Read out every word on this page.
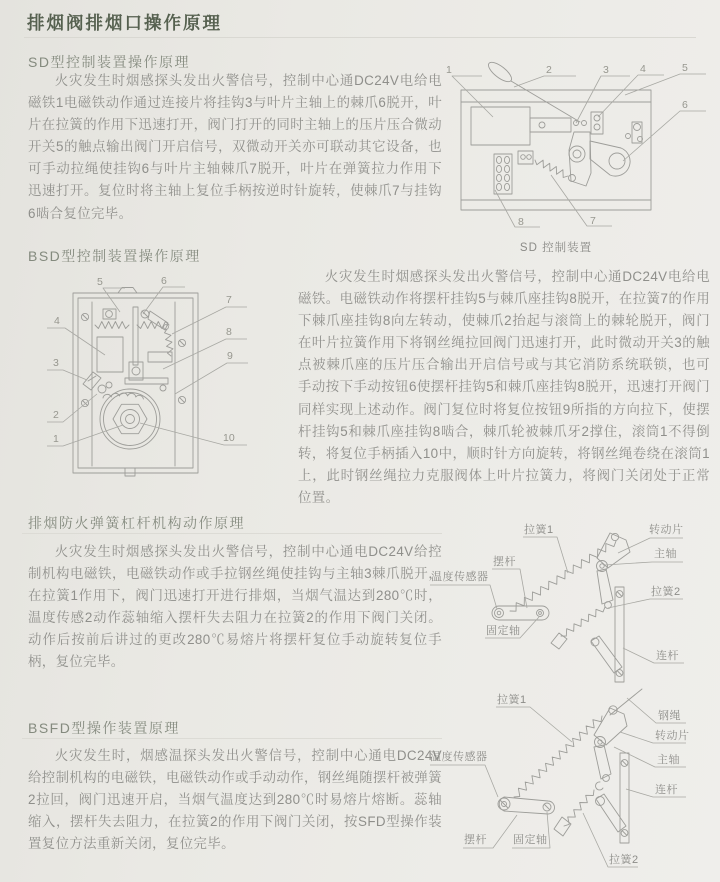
排烟阀排烟口操作原理
SD型控制装置操作原理
火灾发生时烟感探头发出火警信号，控制中心通DC24V电给电磁铁1电磁铁动作通过连接片将挂钩3与叶片主轴上的棘爪6脱开，叶片在拉簧的作用下迅速打开，阀门打开的同时主轴上的压片压合微动开关5的触点输出阀门开启信号，双微动开关亦可联动其它设备，也可手动拉绳使挂钩6与叶片主轴棘爪7脱开，叶片在弹簧拉力作用下迅速打开。复位时将主轴上复位手柄按逆时针旋转，使棘爪7与挂钩6啮合复位完毕。
1	2	3	4	5
6
7
8
SD 控制装置
BSD型控制装置操作原理
火灾发生时烟感探头发出火警信号，控制中心通DC24V电给电磁铁。电磁铁动作将摆杆挂钩5与棘爪座挂钩8脱开，在拉簧7的作用下棘爪座挂钩8向左转动，使棘爪2抬起与滚筒上的棘轮脱开，阀门在叶片拉簧作用下将钢丝绳拉回阀门迅速打开，此时微动开关3的触点被棘爪座的压片压合输出开启信号或与其它消防系统联锁，也可手动按下手动按钮6使摆杆挂钩5和棘爪座挂钩8脱开，迅速打开阀门同样实现上述动作。阀门复位时将复位按钮9所指的方向拉下，使摆杆挂钩5和棘爪座挂钩8啮合，棘爪轮被棘爪牙2撑住，滚筒1不得倒转，将复位手柄插入10中，顺时针方向旋转，将钢丝绳卷绕在滚筒1上，此时钢丝绳拉力克服阀体上叶片拉簧力，将阀门关闭处于正常位置。
5	6
7
8
9
10
4
3
2
1
排烟防火弹簧杠杆机构动作原理
火灾发生时烟感探头发出火警信号，控制中心通电DC24V给控制机构电磁铁，电磁铁动作或手拉钢丝绳使挂钩与主轴3棘爪脱开，在拉簧1作用下，阀门迅速打开进行排烟，当烟气温达到280℃时，温度传感2动作蕊轴缩入摆杆失去阻力在拉簧2的作用下阀门关闭。动作后按前后讲过的更改280℃易熔片将摆杆复位手动旋转复位手柄，复位完毕。
拉簧1	转动片
主轴
拉簧2
连杆
摆杆
温度传感器
固定轴
BSFD型操作装置原理
火灾发生时，烟感温探头发出火警信号，控制中心通电DC24V给控制机构的电磁铁，电磁铁动作或手动动作，钢丝绳随摆杆被弹簧2拉回，阀门迅速开启，当烟气温度达到280℃时易熔片熔断。蕊轴缩入，摆杆失去阻力，在拉簧2的作用下阀门关闭，按SFD型操作装置复位方法重新关闭，复位完毕。
拉簧1
钢绳
转动片
主轴
连杆
温度传感器
摆杆 固定轴
拉簧2
